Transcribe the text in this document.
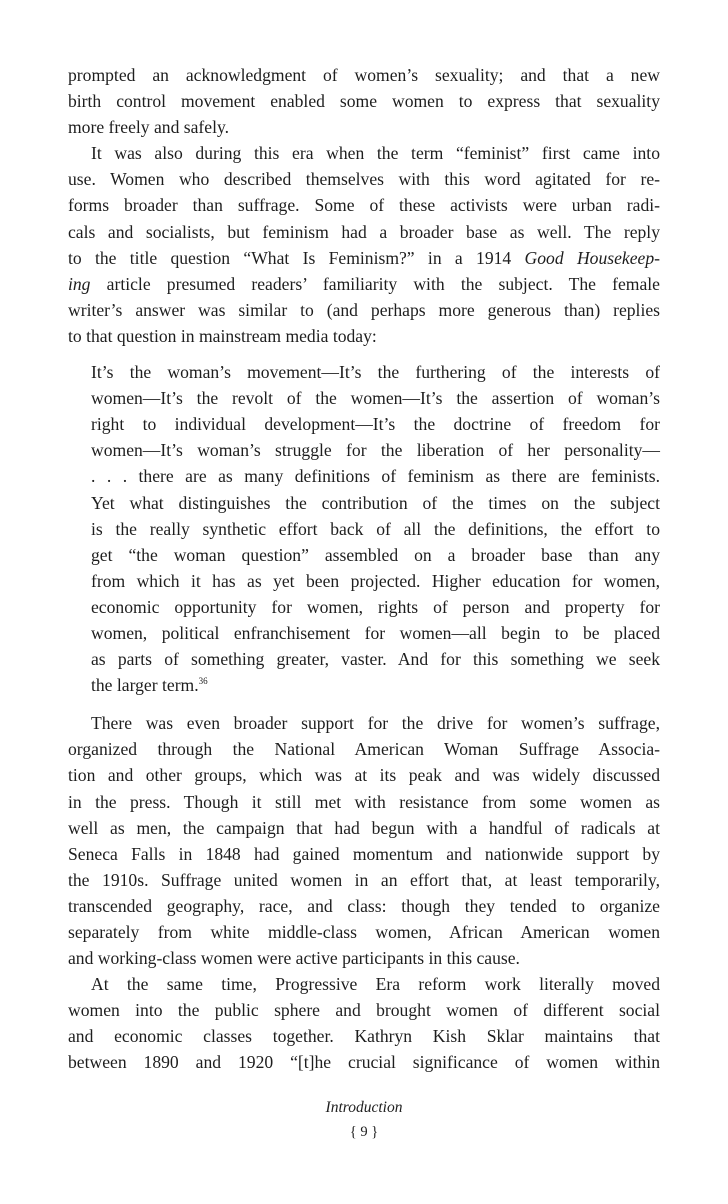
prompted an acknowledgment of women’s sexuality; and that a new
birth control movement enabled some women to express that sexuality
more freely and safely.

It was also during this era when the term “feminist” first came into
use. Women who described themselves with this word agitated for re-
forms broader than suffrage. Some of these activists were urban radi-
cals and socialists, but feminism had a broader base as well. The reply
to the title question “What Is Feminism?” in a 1914 Good Housekeep-
ing article presumed readers’ familiarity with the subject. The female
writer’s answer was similar to (and perhaps more generous than) replies
to that question in mainstream media today:

It’s the woman’s movement—It’s the furthering of the interests of
women—It’s the revolt of the women—It’s the assertion of woman’s
right to individual development—It’s the doctrine of freedom for
women—It’s woman’s struggle for the liberation of her personality—
. . . there are as many definitions of feminism as there are feminists.
Yet what distinguishes the contribution of the times on the subject
is the really synthetic effort back of all the definitions, the effort to
get “the woman question” assembled on a broader base than any
from which it has as yet been projected. Higher education for women,
economic opportunity for women, rights of person and property for
women, political enfranchisement for women—all begin to be placed
as parts of something greater, vaster. And for this something we seek
the larger term.$^{36}$

There was even broader support for the drive for women’s suffrage,
organized through the National American Woman Suffrage Associa-
tion and other groups, which was at its peak and was widely discussed
in the press. Though it still met with resistance from some women as
well as men, the campaign that had begun with a handful of radicals at
Seneca Falls in 1848 had gained momentum and nationwide support by
the 1910s. Suffrage united women in an effort that, at least temporarily,
transcended geography, race, and class: though they tended to organize
separately from white middle-class women, African American women
and working-class women were active participants in this cause.

At the same time, Progressive Era reform work literally moved
women into the public sphere and brought women of different social
and economic classes together. Kathryn Kish Sklar maintains that
between 1890 and 1920 “[t]he crucial significance of women within

Introduction
{ 9 }
